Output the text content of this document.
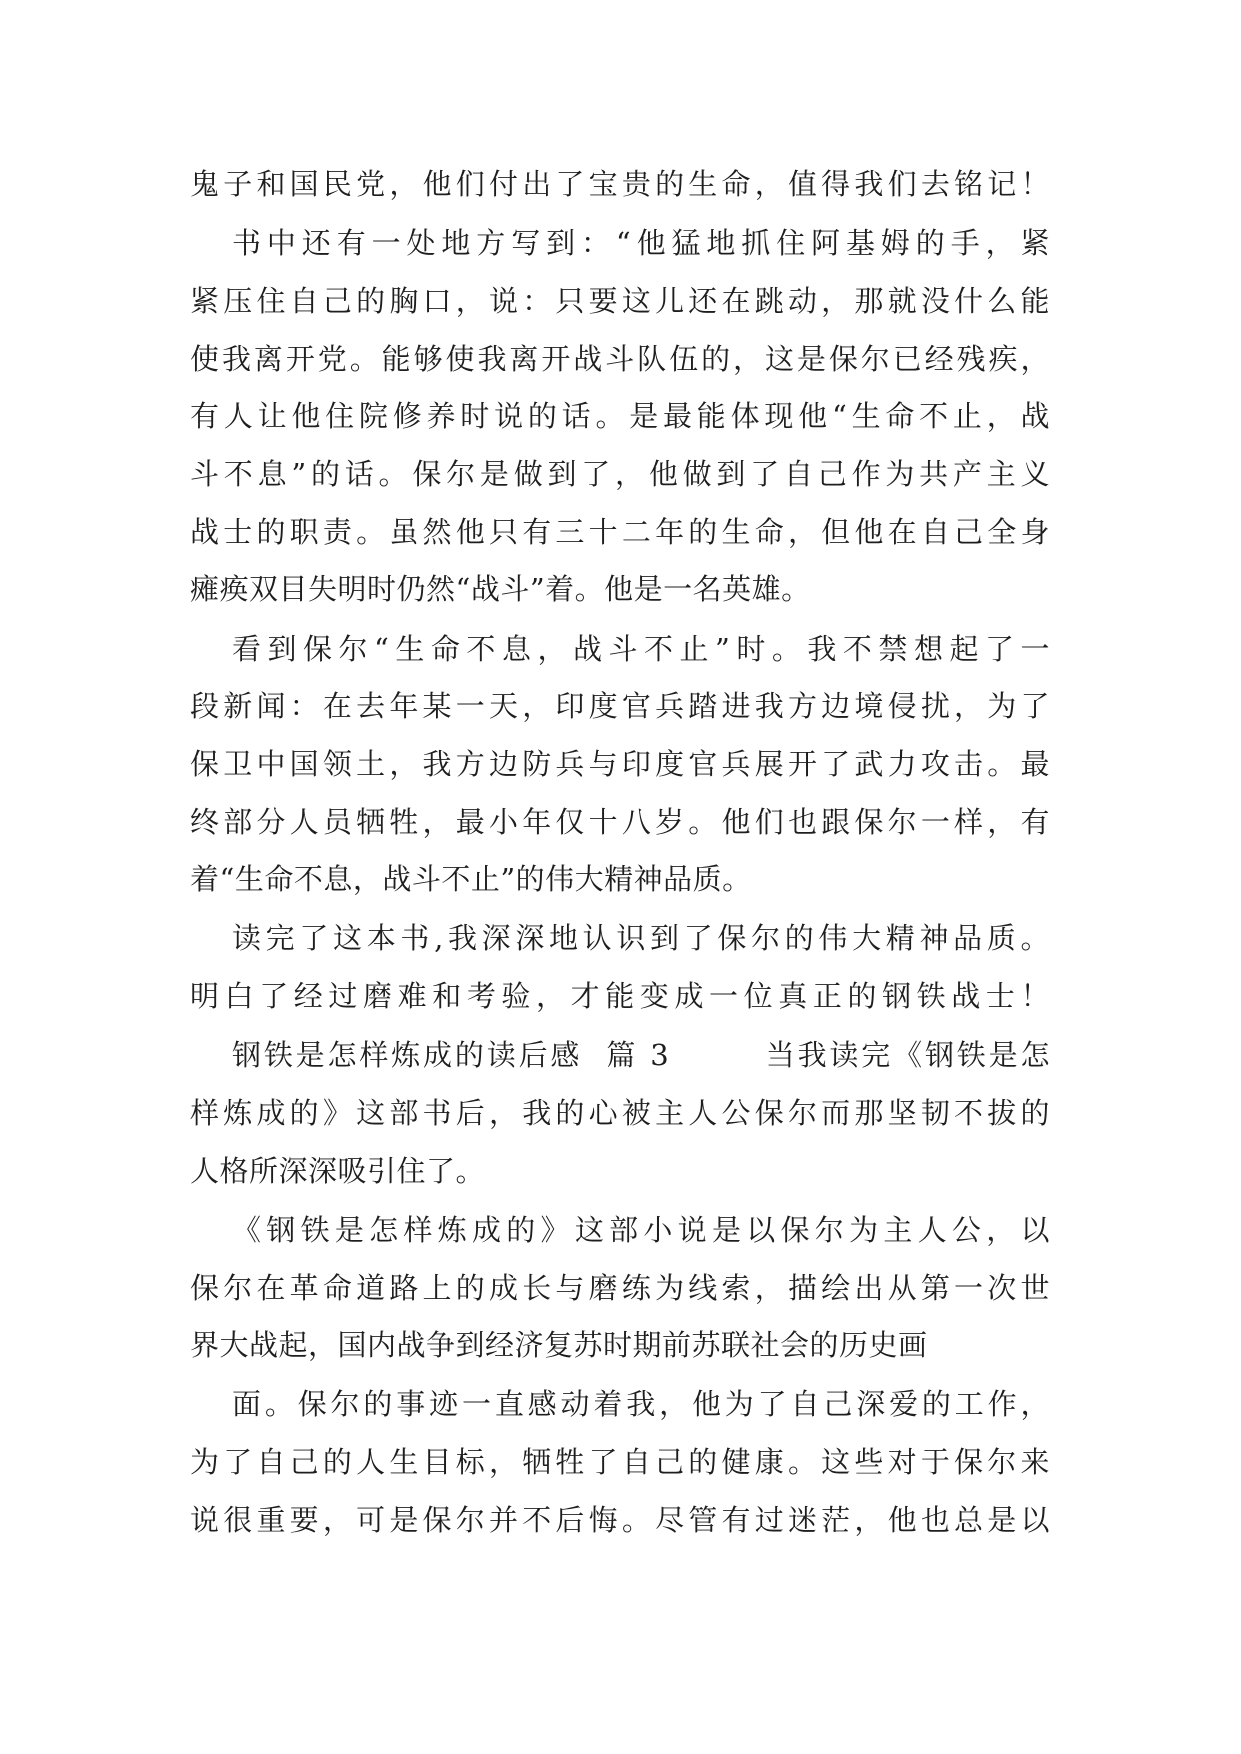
鬼子和国民党，他们付出了宝贵的生命，值得我们去铭记！
书中还有一处地方写到：“他猛地抓住阿基姆的手，紧
紧压住自己的胸口，说：只要这儿还在跳动，那就没什么能
使我离开党。能够使我离开战斗队伍的，这是保尔已经残疾，
有人让他住院修养时说的话。是最能体现他“生命不止，战
斗不息”的话。保尔是做到了，他做到了自己作为共产主义
战士的职责。虽然他只有三十二年的生命，但他在自己全身
瘫痪双目失明时仍然“战斗”着。他是一名英雄。
看到保尔“生命不息，战斗不止”时。我不禁想起了一
段新闻：在去年某一天，印度官兵踏进我方边境侵扰，为了
保卫中国领土，我方边防兵与印度官兵展开了武力攻击。最
终部分人员牺牲，最小年仅十八岁。他们也跟保尔一样，有
着“生命不息，战斗不止”的伟大精神品质。
读完了这本书,我深深地认识到了保尔的伟大精神品质。
明白了经过磨难和考验，才能变成一位真正的钢铁战士！
钢铁是怎样炼成的读后感  篇 3        当我读完《钢铁是怎
样炼成的》这部书后，我的心被主人公保尔而那坚韧不拔的
人格所深深吸引住了。
《钢铁是怎样炼成的》这部小说是以保尔为主人公，以
保尔在革命道路上的成长与磨练为线索，描绘出从第一次世
界大战起，国内战争到经济复苏时期前苏联社会的历史画
面。保尔的事迹一直感动着我，他为了自己深爱的工作，
为了自己的人生目标，牺牲了自己的健康。这些对于保尔来
说很重要，可是保尔并不后悔。尽管有过迷茫，他也总是以
